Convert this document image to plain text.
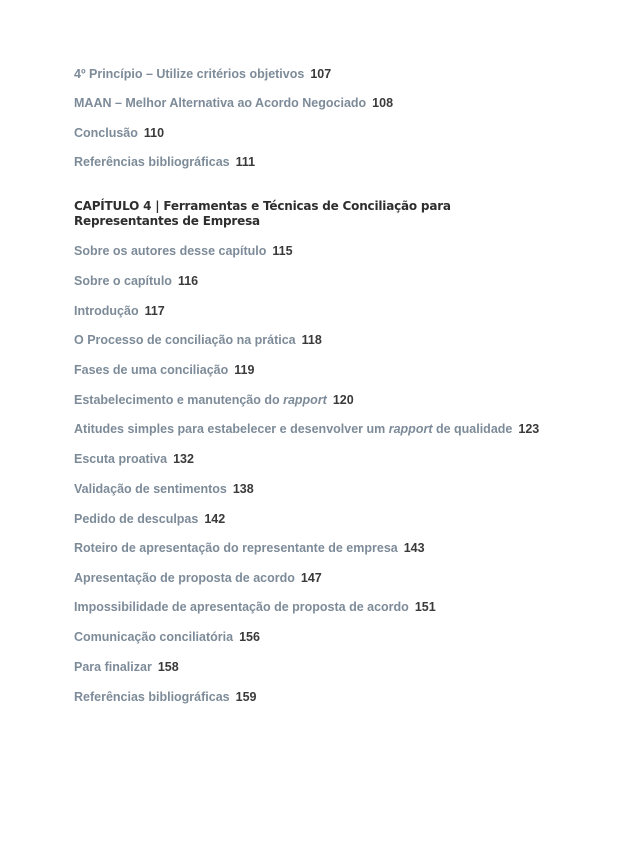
4º Princípio – Utilize critérios objetivos 107
MAAN – Melhor Alternativa ao Acordo Negociado 108
Conclusão 110
Referências bibliográficas 111
CAPÍTULO 4 | Ferramentas e Técnicas de Conciliação para
Representantes de Empresa
Sobre os autores desse capítulo 115
Sobre o capítulo 116
Introdução 117
O Processo de conciliação na prática 118
Fases de uma conciliação 119
Estabelecimento e manutenção do rapport 120
Atitudes simples para estabelecer e desenvolver um rapport de qualidade 123
Escuta proativa 132
Validação de sentimentos 138
Pedido de desculpas 142
Roteiro de apresentação do representante de empresa 143
Apresentação de proposta de acordo 147
Impossibilidade de apresentação de proposta de acordo 151
Comunicação conciliatória 156
Para finalizar 158
Referências bibliográficas 159
